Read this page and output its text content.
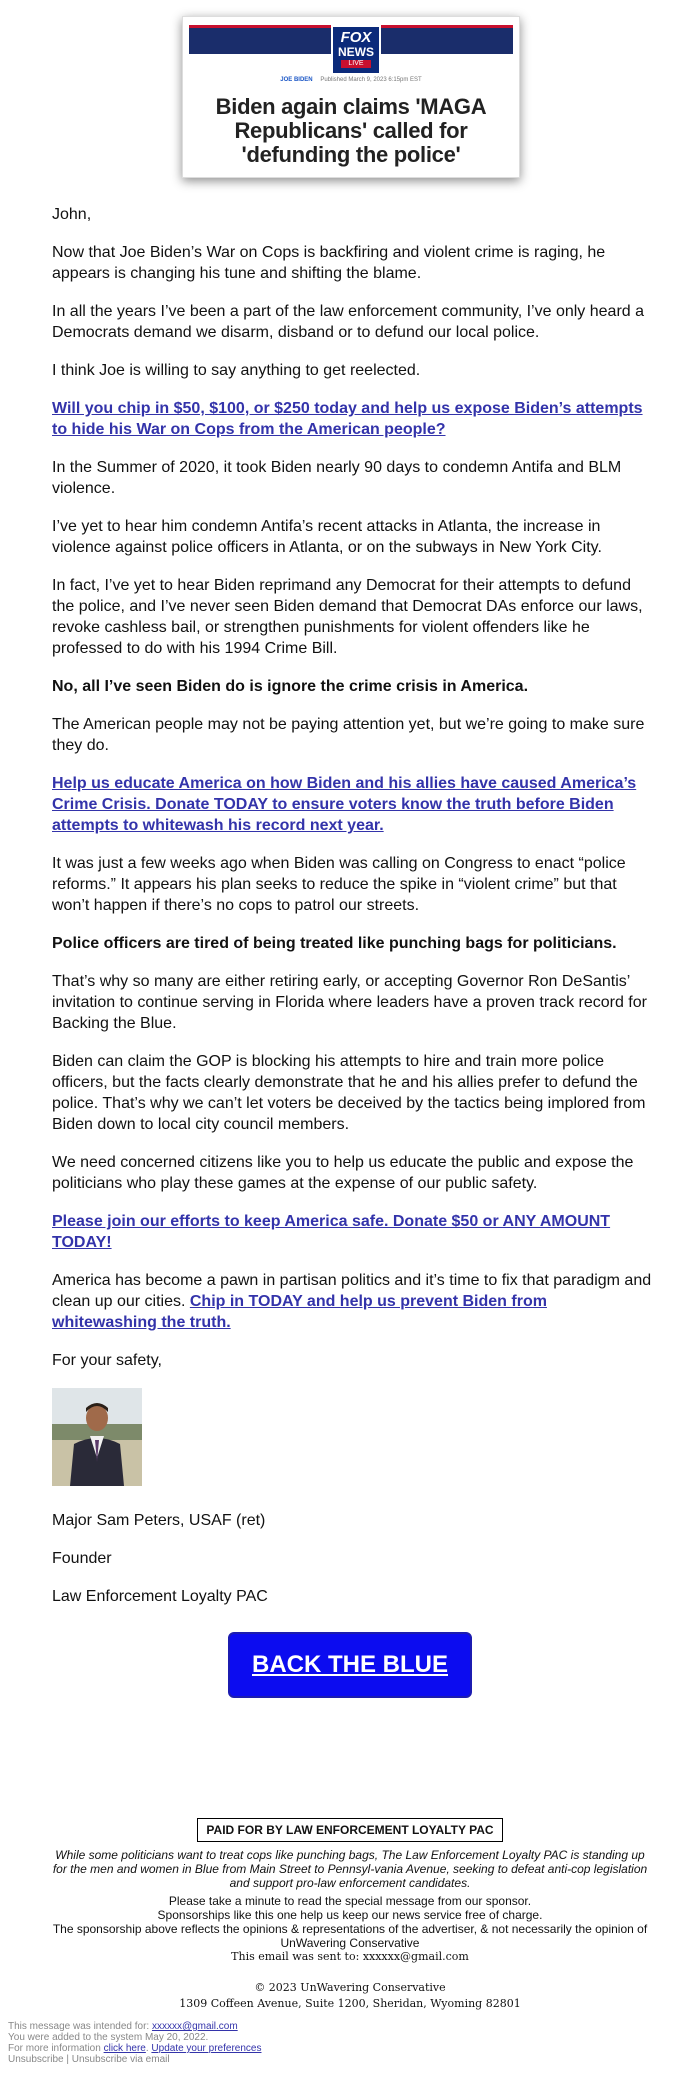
FOX
NEWS
LIVE
JOE BIDEN Published March 9, 2023 6:15pm EST
Biden again claims 'MAGA Republicans' called for 'defunding the police'

John,

Now that Joe Biden’s War on Cops is backfiring and violent crime is raging, he appears is changing his tune and shifting the blame.

In all the years I’ve been a part of the law enforcement community, I’ve only heard a Democrats demand we disarm, disband or to defund our local police.

I think Joe is willing to say anything to get reelected.

Will you chip in $50, $100, or $250 today and help us expose Biden’s attempts to hide his War on Cops from the American people?

In the Summer of 2020, it took Biden nearly 90 days to condemn Antifa and BLM violence.

I’ve yet to hear him condemn Antifa’s recent attacks in Atlanta, the increase in violence against police officers in Atlanta, or on the subways in New York City.

In fact, I’ve yet to hear Biden reprimand any Democrat for their attempts to defund the police, and I’ve never seen Biden demand that Democrat DAs enforce our laws, revoke cashless bail, or strengthen punishments for violent offenders like he professed to do with his 1994 Crime Bill.

No, all I’ve seen Biden do is ignore the crime crisis in America.

The American people may not be paying attention yet, but we’re going to make sure they do.

Help us educate America on how Biden and his allies have caused America’s Crime Crisis. Donate TODAY to ensure voters know the truth before Biden attempts to whitewash his record next year.

It was just a few weeks ago when Biden was calling on Congress to enact “police reforms.” It appears his plan seeks to reduce the spike in “violent crime” but that won’t happen if there’s no cops to patrol our streets.

Police officers are tired of being treated like punching bags for politicians.

That’s why so many are either retiring early, or accepting Governor Ron DeSantis’ invitation to continue serving in Florida where leaders have a proven track record for Backing the Blue.

Biden can claim the GOP is blocking his attempts to hire and train more police officers, but the facts clearly demonstrate that he and his allies prefer to defund the police. That’s why we can’t let voters be deceived by the tactics being implored from Biden down to local city council members.

We need concerned citizens like you to help us educate the public and expose the politicians who play these games at the expense of our public safety.

Please join our efforts to keep America safe. Donate $50 or ANY AMOUNT TODAY!

America has become a pawn in partisan politics and it’s time to fix that paradigm and clean up our cities. Chip in TODAY and help us prevent Biden from whitewashing the truth.

For your safety,

Major Sam Peters, USAF (ret)

Founder

Law Enforcement Loyalty PAC

BACK THE BLUE
PAID FOR BY LAW ENFORCEMENT LOYALTY PAC
While some politicians want to treat cops like punching bags, The Law Enforcement Loyalty PAC is standing up for the men and women in Blue from Main Street to Pennsyl-vania Avenue, seeking to defeat anti-cop legislation and support pro-law enforcement candidates.
Please take a minute to read the special message from our sponsor.
Sponsorships like this one help us keep our news service free of charge.
The sponsorship above reflects the opinions & representations of the advertiser, & not necessarily the opinion of UnWavering Conservative
This email was sent to: xxxxxx@gmail.com
© 2023 UnWavering Conservative
1309 Coffeen Avenue, Suite 1200, Sheridan, Wyoming 82801
This message was intended for: xxxxxx@gmail.com
You were added to the system May 20, 2022.
For more information click here. Update your preferences
Unsubscribe | Unsubscribe via email
